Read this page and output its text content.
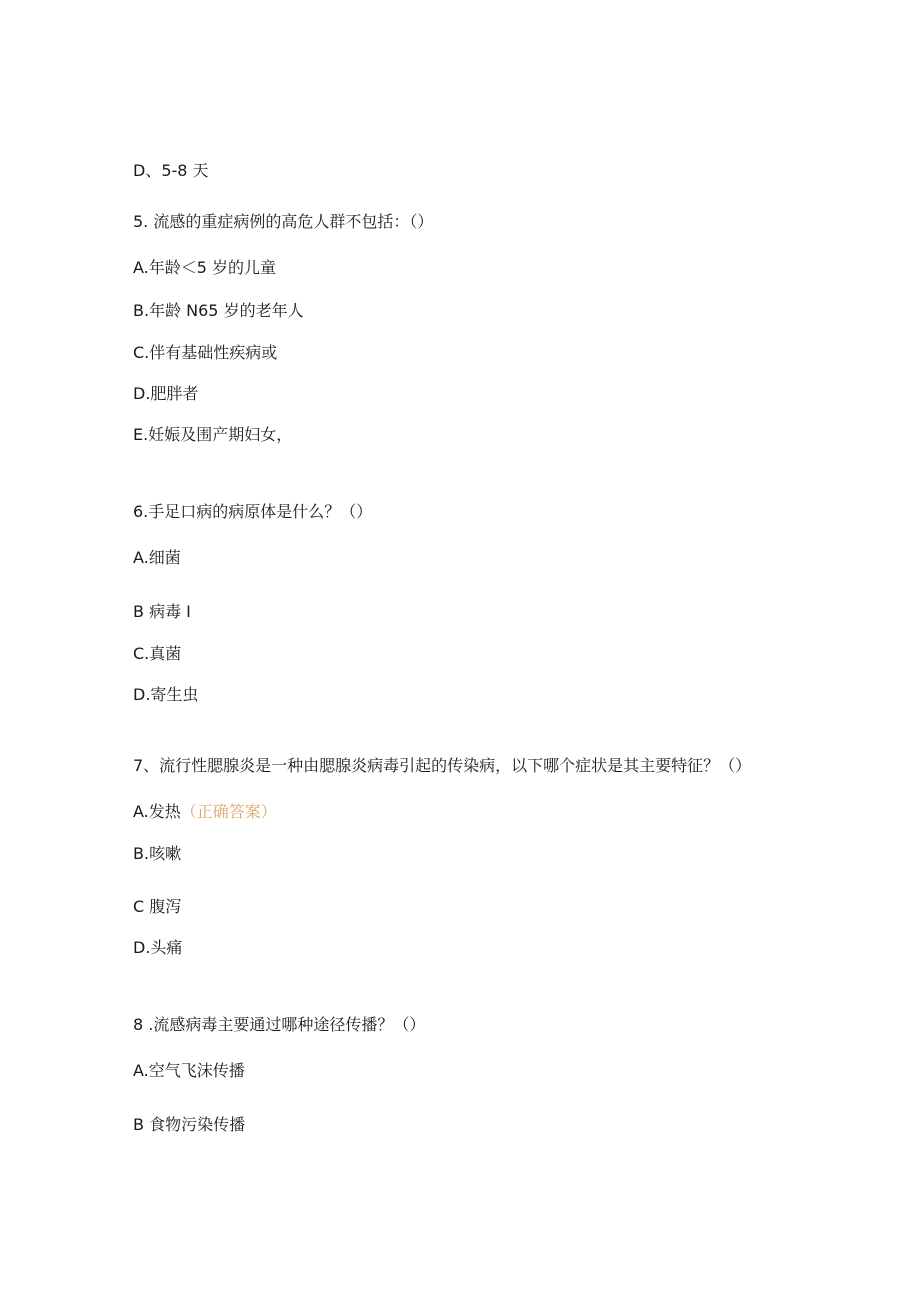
D、5-8 天
5. 流感的重症病例的高危人群不包括：（）
A.年龄＜5 岁的儿童
B.年龄 N65 岁的老年人
C.伴有基础性疾病或
D.肥胖者
E.妊娠及围产期妇女，
6.手足口病的病原体是什么？（）
A.细菌
B 病毒 I
C.真菌
D.寄生虫
7、流行性腮腺炎是一种由腮腺炎病毒引起的传染病，以下哪个症状是其主要特征？（）
A.发热（正确答案）
B.咳嗽
C 腹泻
D.头痛
8 .流感病毒主要通过哪种途径传播？（）
A.空气飞沫传播
B 食物污染传播
